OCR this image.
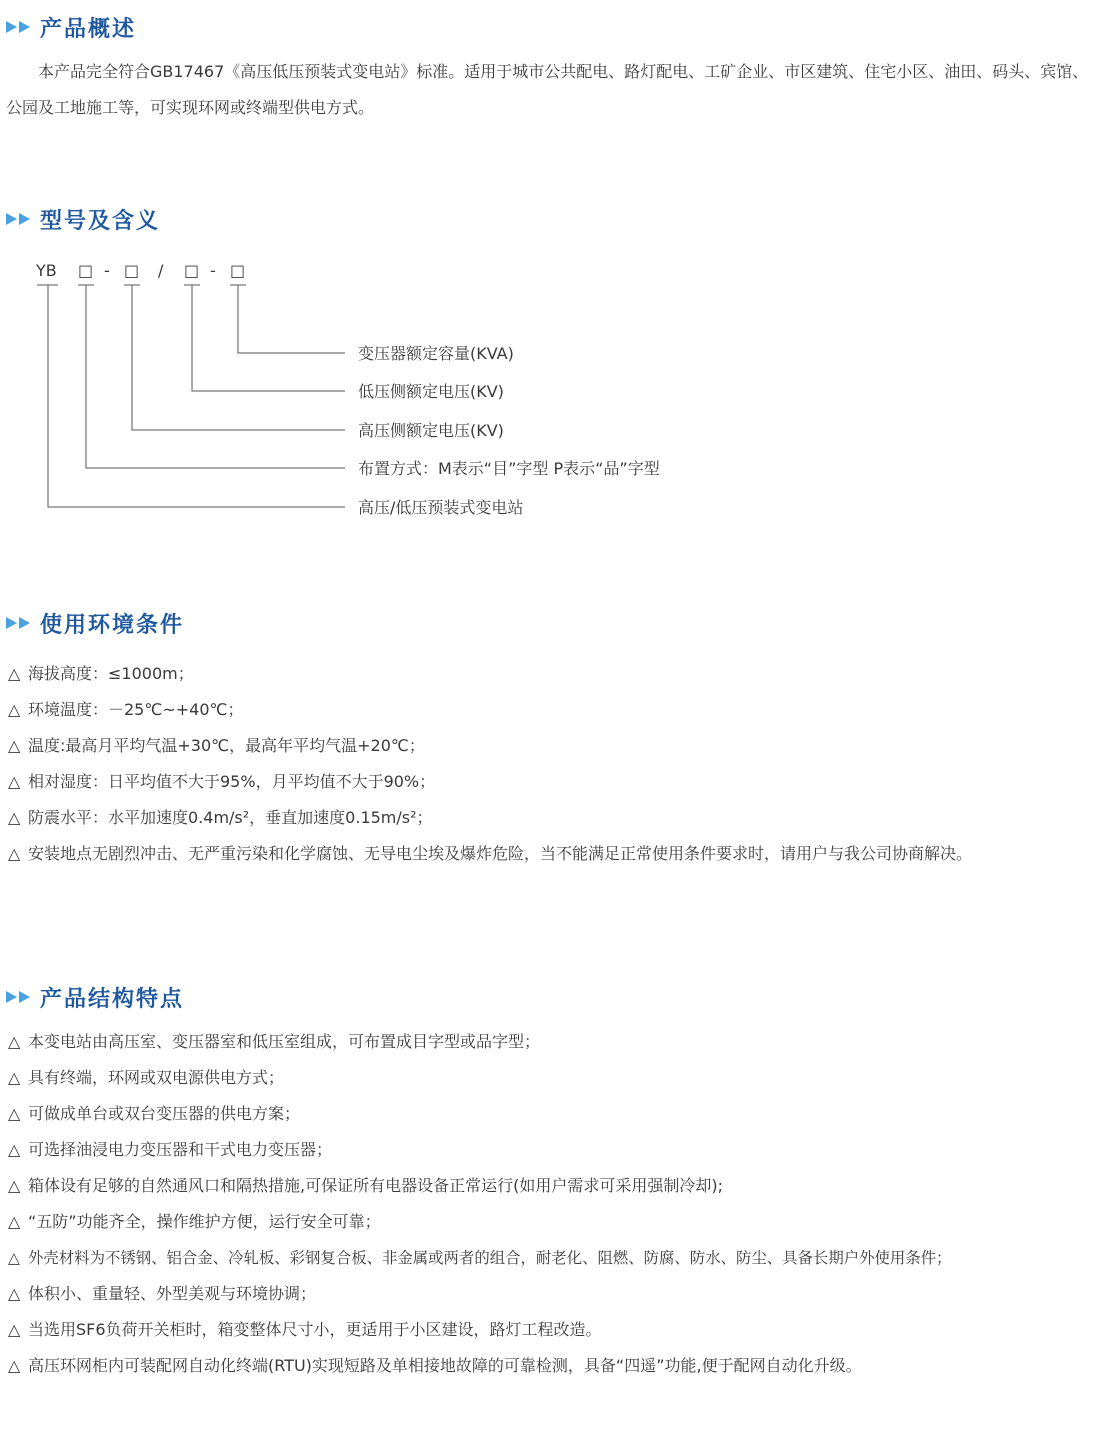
产品概述

本产品完全符合GB17467《高压低压预装式变电站》标准。适用于城市公共配电、路灯配电、工矿企业、市区建筑、住宅小区、油田、码头、宾馆、公园及工地施工等，可实现环网或终端型供电方式。

型号及含义
YB □ - □ / □ - □
变压器额定容量(KVA)
低压侧额定电压(KV)
高压侧额定电压(KV)
布置方式：M表示“目”字型 P表示“品”字型
高压/低压预装式变电站
使用环境条件
△ 海拔高度：≤1000m；
△ 环境温度：－25℃~+40℃；
△ 温度:最高月平均气温+30℃，最高年平均气温+20℃；
△ 相对湿度：日平均值不大于95%，月平均值不大于90%；
△ 防震水平：水平加速度0.4m/s²，垂直加速度0.15m/s²；
△ 安装地点无剧烈冲击、无严重污染和化学腐蚀、无导电尘埃及爆炸危险，当不能满足正常使用条件要求时，请用户与我公司协商解决。
产品结构特点
△ 本变电站由高压室、变压器室和低压室组成，可布置成目字型或品字型；
△ 具有终端，环网或双电源供电方式；
△ 可做成单台或双台变压器的供电方案；
△ 可选择油浸电力变压器和干式电力变压器；
△ 箱体设有足够的自然通风口和隔热措施,可保证所有电器设备正常运行(如用户需求可采用强制冷却);
△ “五防”功能齐全，操作维护方便，运行安全可靠；
△ 外壳材料为不锈钢、铝合金、冷轧板、彩钢复合板、非金属或两者的组合，耐老化、阻燃、防腐、防水、防尘、具备长期户外使用条件；
△ 体积小、重量轻、外型美观与环境协调；
△ 当选用SF6负荷开关柜时，箱变整体尺寸小，更适用于小区建设，路灯工程改造。
△ 高压环网柜内可装配网自动化终端(RTU)实现短路及单相接地故障的可靠检测，具备“四遥”功能,便于配网自动化升级。
